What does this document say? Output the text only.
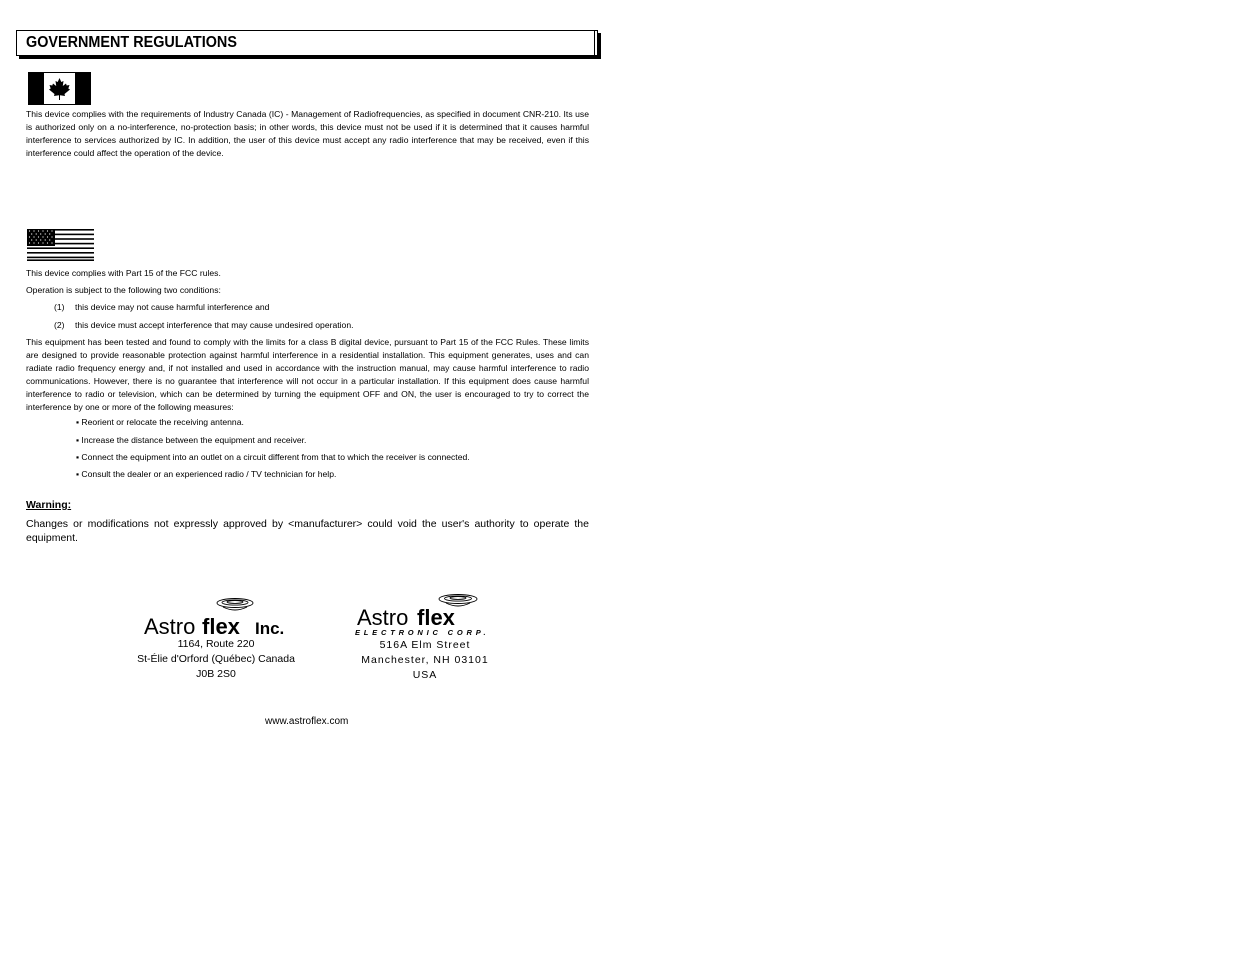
GOVERNMENT REGULATIONS
This device complies with the requirements of Industry Canada (IC) - Management of Radiofrequencies, as specified in document CNR-210. Its use is authorized only on a no-interference, no-protection basis; in other words, this device must not be used if it is determined that it causes harmful interference to services authorized by IC. In addition, the user of this device must accept any radio interference that may be received, even if this interference could affect the operation of the device.
This device complies with Part 15 of the FCC rules.
Operation is subject to the following two conditions:
(1) this device may not cause harmful interference and
(2) this device must accept interference that may cause undesired operation.
This equipment has been tested and found to comply with the limits for a class B digital device, pursuant to Part 15 of the FCC Rules. These limits are designed to provide reasonable protection against harmful interference in a residential installation. This equipment generates, uses and can radiate radio frequency energy and, if not installed and used in accordance with the instruction manual, may cause harmful interference to radio communications. However, there is no guarantee that interference will not occur in a particular installation. If this equipment does cause harmful interference to radio or television, which can be determined by turning the equipment OFF and ON, the user is encouraged to try to correct the interference by one or more of the following measures:
▪ Reorient or relocate the receiving antenna.
▪ Increase the distance between the equipment and receiver.
▪ Connect the equipment into an outlet on a circuit different from that to which the receiver is connected.
▪ Consult the dealer or an experienced radio / TV technician for help.
Warning:
Changes or modifications not expressly approved by <manufacturer> could void the user's authority to operate the equipment.
Astro flex Inc.
1164, Route 220
St-Élie d'Orford (Québec) Canada
J0B 2S0
Astro flex
ELECTRONIC CORP.
516A Elm Street
Manchester, NH 03101
USA
www.astroflex.com
